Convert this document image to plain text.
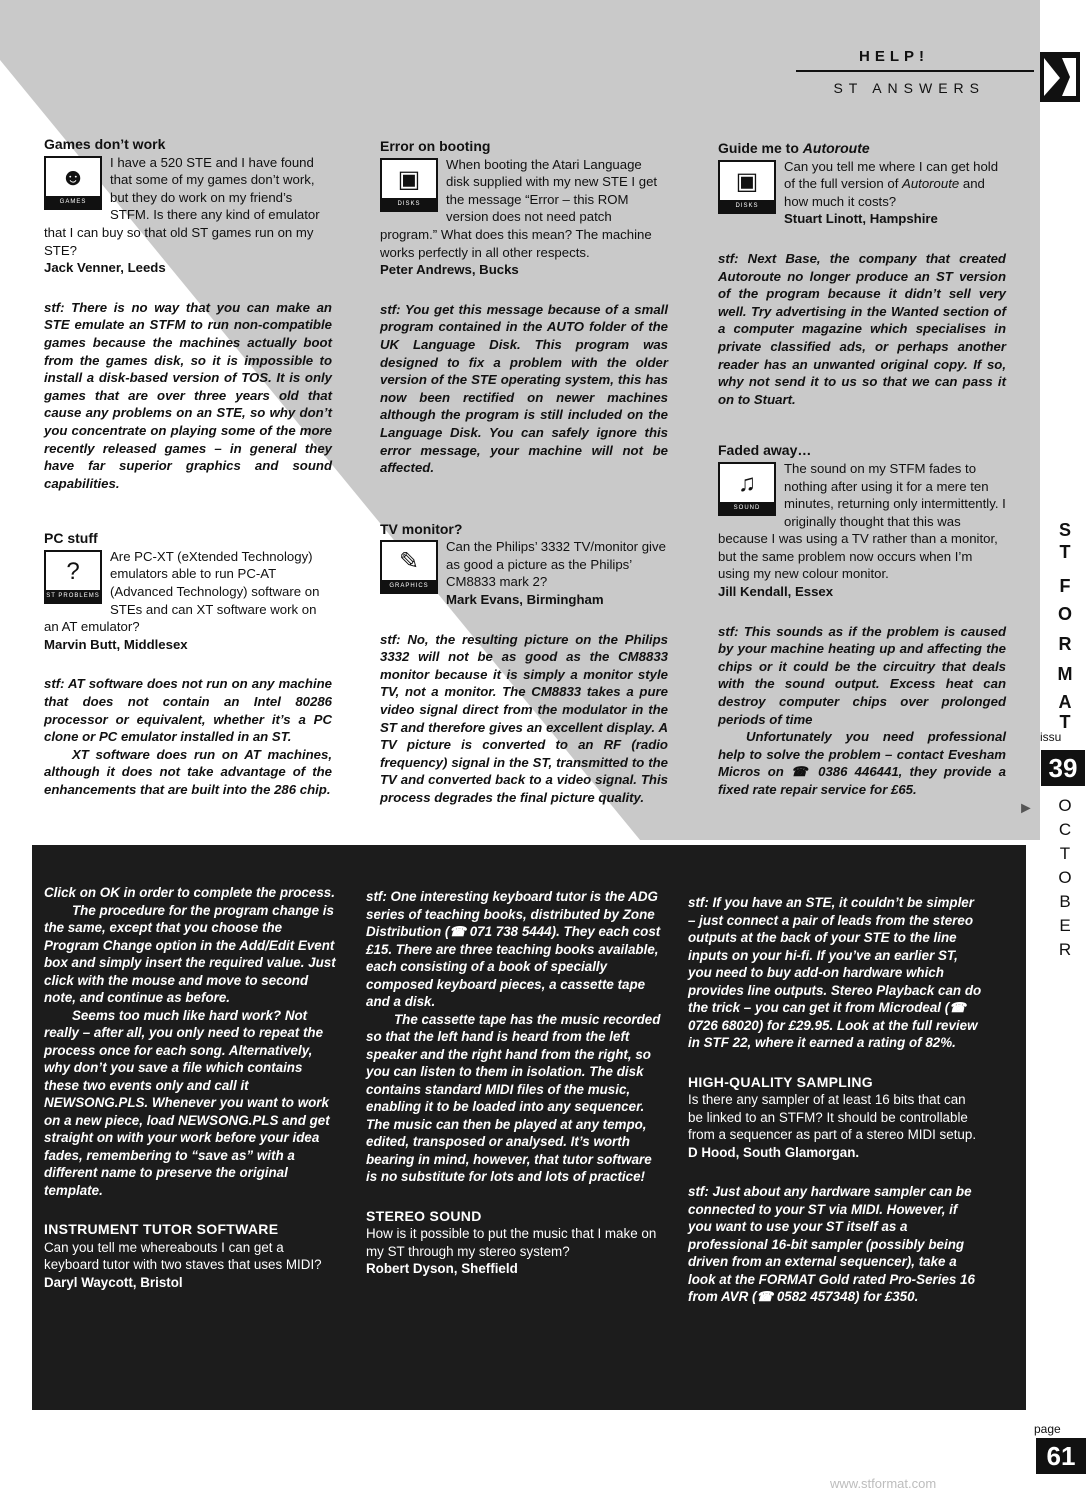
HELP!
ST ANSWERS
S
T
F
O
R
M
A
T
issu
39
►	O
C
T
O
B
E
R
page
61
www.stformat.com

Games don’t work

☻
GAMES

I have a 520 STE and I have found that some of my games don’t work, but they do work on my friend’s STFM. Is there any kind of emulator that I can buy so that old ST games run on my STE?

Jack Venner, Leeds

stf: There is no way that you can make an STE emulate an STFM to run non-compatible games because the machines actually boot from the games disk, so it is impossible to install a disk-based version of TOS. It is only games that are over three years old that cause any problems on an STE, so why don’t you concentrate on playing some of the more recently released games – in general they have far superior graphics and sound capabilities.

PC stuff

?
ST PROBLEMS

Are PC-XT (eXtended Technology) emulators able to run PC-AT (Advanced Technology) software on STEs and can XT software work on an AT emulator?

Marvin Butt, Middlesex

stf: AT software does not run on any machine that does not contain an Intel 80286 processor or equivalent, whether it’s a PC clone or PC emulator installed in an ST.

XT software does run on AT machines, although it does not take advantage of the enhancements that are built into the 286 chip.

Error on booting

▣
DISKS

When booting the Atari Language disk supplied with my new STE I get the message “Error – this ROM version does not need patch program.” What does this mean? The machine works perfectly in all other respects.

Peter Andrews, Bucks

stf: You get this message because of a small program contained in the AUTO folder of the UK Language Disk. This program was designed to fix a problem with the older version of the STE operating system, this has now been rectified on newer machines although the program is still included on the Language Disk. You can safely ignore this error message, your machine will not be affected.

TV monitor?

✎
GRAPHICS

Can the Philips’ 3332 TV/monitor give as good a picture as the Philips’ CM8833 mark 2?

Mark Evans, Birmingham

stf: No, the resulting picture on the Philips 3332 will not be as good as the CM8833 monitor because it is simply a monitor style TV, not a monitor. The CM8833 takes a pure video signal direct from the modulator in the ST and therefore gives an excellent display. A TV picture is converted to an RF (radio frequency) signal in the ST, transmitted to the TV and converted back to a video signal. This process degrades the final picture quality.

Guide me to Autoroute

▣
DISKS

Can you tell me where I can get hold of the full version of Autoroute and how much it costs?

Stuart Linott, Hampshire

stf: Next Base, the company that created Autoroute no longer produce an ST version of the program because it didn’t sell very well. Try advertising in the Wanted section of a computer magazine which specialises in private classified ads, or perhaps another reader has an unwanted original copy. If so, why not send it to us so that we can pass it on to Stuart.

Faded away…

♫
SOUND

The sound on my STFM fades to nothing after using it for a mere ten minutes, returning only intermittently. I originally thought that this was because I was using a TV rather than a monitor, but the same problem now occurs when I’m using my new colour monitor.

Jill Kendall, Essex

stf: This sounds as if the problem is caused by your machine heating up and affecting the chips or it could be the circuitry that deals with the sound output. Excess heat can destroy computer chips over prolonged periods of time

Unfortunately you need professional help to solve the problem – contact Evesham Micros on ☎ 0386 446441, they provide a fixed rate repair service for £65.

Click on OK in order to complete the process.

The procedure for the program change is the same, except that you choose the Program Change option in the Add/Edit Event box and simply insert the required value. Just click with the mouse and move to second note, and continue as before.

Seems too much like hard work? Not really – after all, you only need to repeat the process once for each song. Alternatively, why don’t you save a file which contains these two events only and call it NEWSONG.PLS. Whenever you want to work on a new piece, load NEWSONG.PLS and get straight on with your work before your idea fades, remembering to “save as” with a different name to preserve the original template.

INSTRUMENT TUTOR SOFTWARE

Can you tell me whereabouts I can get a keyboard tutor with two staves that uses MIDI?

Daryl Waycott, Bristol

stf: One interesting keyboard tutor is the ADG series of teaching books, distributed by Zone Distribution (☎ 071 738 5444). They each cost £15. There are three teaching books available, each consisting of a book of specially composed keyboard pieces, a cassette tape and a disk.

The cassette tape has the music recorded so that the left hand is heard from the left speaker and the right hand from the right, so you can listen to them in isolation. The disk contains standard MIDI files of the music, enabling it to be loaded into any sequencer. The music can then be played at any tempo, edited, transposed or analysed. It’s worth bearing in mind, however, that tutor software is no substitute for lots and lots of practice!

STEREO SOUND

How is it possible to put the music that I make on my ST through my stereo system?

Robert Dyson, Sheffield

stf: If you have an STE, it couldn’t be simpler – just connect a pair of leads from the stereo outputs at the back of your STE to the line inputs on your hi-fi. If you’ve an earlier ST, you need to buy add-on hardware which provides line outputs. Stereo Playback can do the trick – you can get it from Microdeal (☎ 0726 68020) for £29.95. Look at the full review in STF 22, where it earned a rating of 82%.

HIGH-QUALITY SAMPLING

Is there any sampler of at least 16 bits that can be linked to an STFM? It should be controllable from a sequencer as part of a stereo MIDI setup.

D Hood, South Glamorgan.

stf: Just about any hardware sampler can be connected to your ST via MIDI. However, if you want to use your ST itself as a professional 16-bit sampler (possibly being driven from an external sequencer), take a look at the FORMAT Gold rated Pro-Series 16 from AVR (☎ 0582 457348) for £350.
